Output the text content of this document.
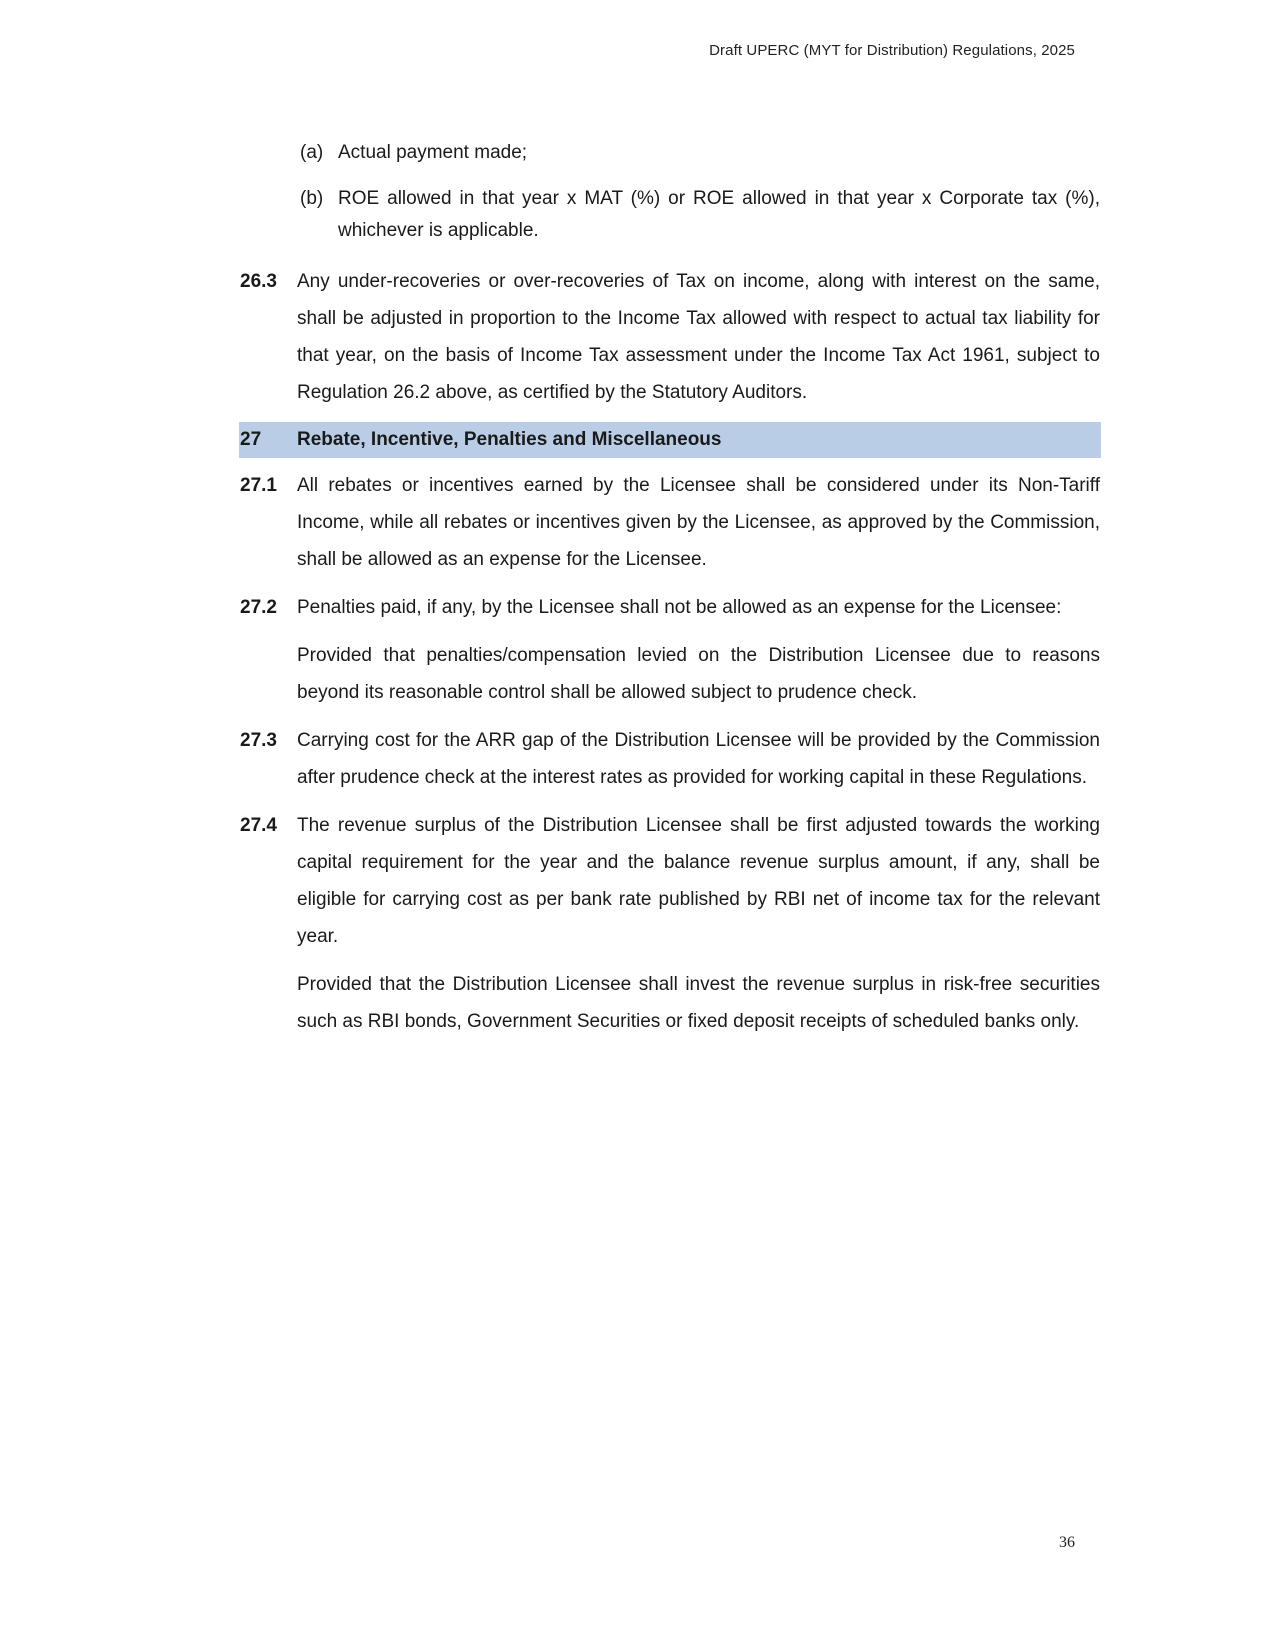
Draft UPERC (MYT for Distribution) Regulations, 2025
(a) Actual payment made;
(b) ROE allowed in that year x MAT (%) or ROE allowed in that year x Corporate tax (%), whichever is applicable.
26.3	Any under-recoveries or over-recoveries of Tax on income, along with interest on the same, shall be adjusted in proportion to the Income Tax allowed with respect to actual tax liability for that year, on the basis of Income Tax assessment under the Income Tax Act 1961, subject to Regulation 26.2 above, as certified by the Statutory Auditors.
27	Rebate, Incentive, Penalties and Miscellaneous
27.1	All rebates or incentives earned by the Licensee shall be considered under its Non-Tariff Income, while all rebates or incentives given by the Licensee, as approved by the Commission, shall be allowed as an expense for the Licensee.
27.2	Penalties paid, if any, by the Licensee shall not be allowed as an expense for the Licensee:
Provided that penalties/compensation levied on the Distribution Licensee due to reasons beyond its reasonable control shall be allowed subject to prudence check.
27.3	Carrying cost for the ARR gap of the Distribution Licensee will be provided by the Commission after prudence check at the interest rates as provided for working capital in these Regulations.
27.4	The revenue surplus of the Distribution Licensee shall be first adjusted towards the working capital requirement for the year and the balance revenue surplus amount, if any, shall be eligible for carrying cost as per bank rate published by RBI net of income tax for the relevant year.
Provided that the Distribution Licensee shall invest the revenue surplus in risk-free securities such as RBI bonds, Government Securities or fixed deposit receipts of scheduled banks only.
36
